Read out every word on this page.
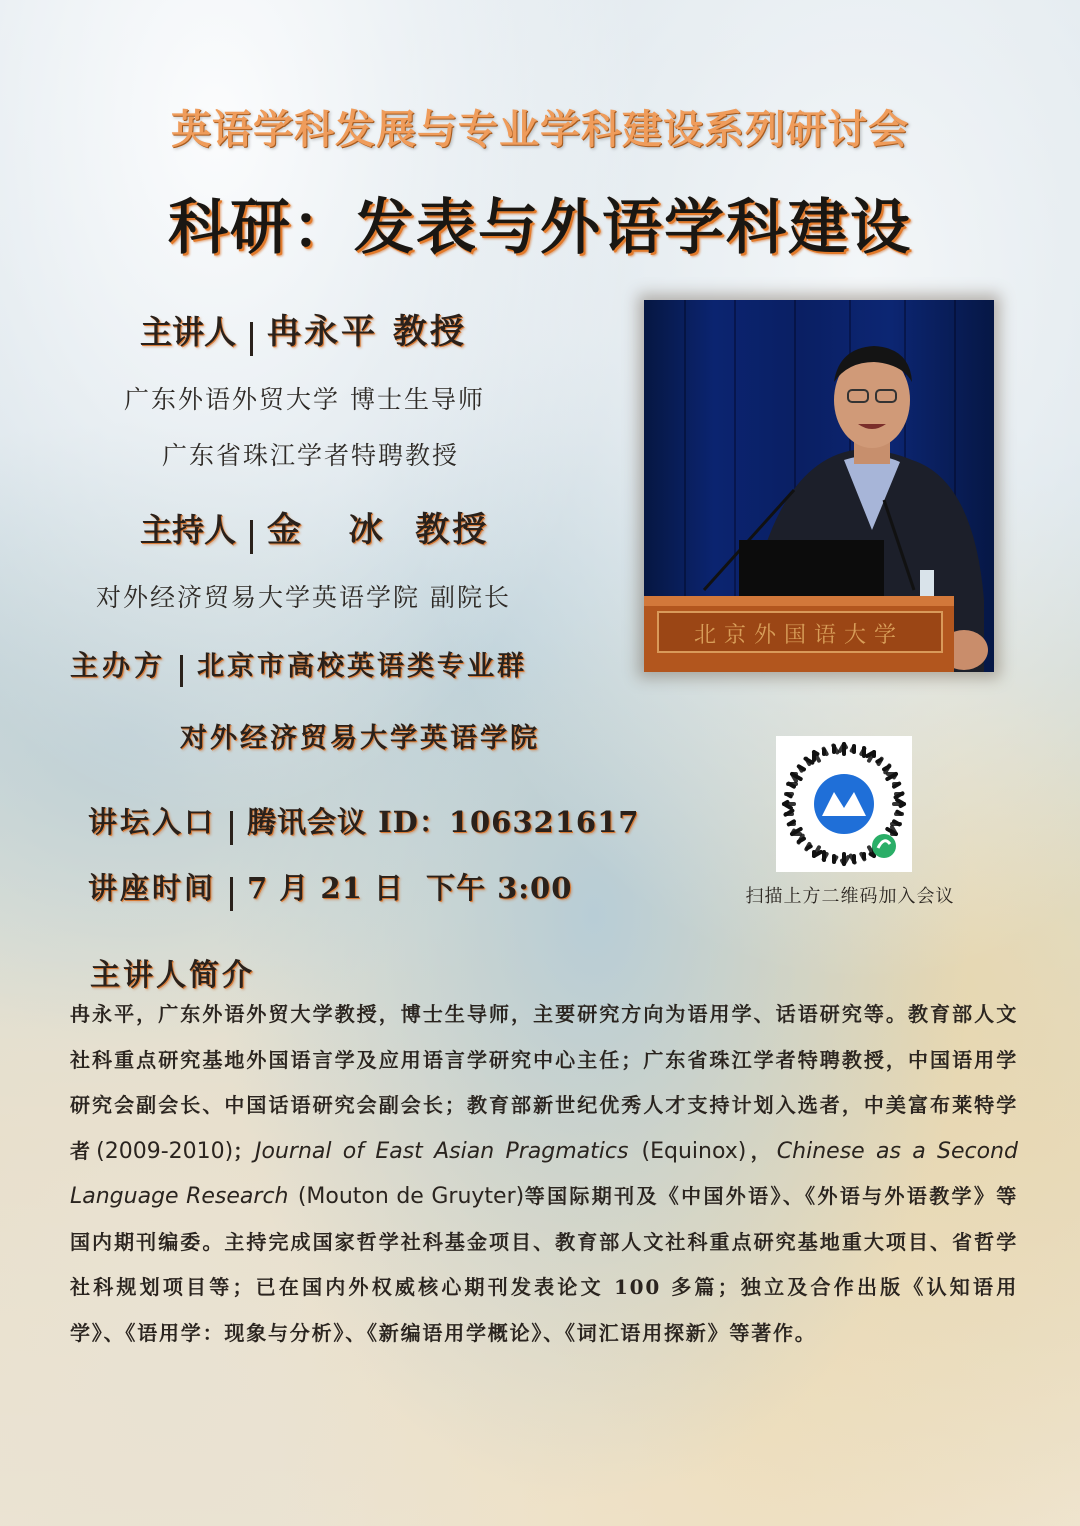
英语学科发展与专业学科建设系列研讨会
科研：发表与外语学科建设
主讲人 冉永平 教授
广东外语外贸大学 博士生导师
广东省珠江学者特聘教授
主持人 金   冰  教授
对外经济贸易大学英语学院 副院长
主办方 北京市高校英语类专业群
对外经济贸易大学英语学院
讲坛入口 腾讯会议 ID：106321617
讲座时间 7 月 21 日  下午 3:00
北京外国语大学
扫描上方二维码加入会议
主讲人简介
冉永平，广东外语外贸大学教授，博士生导师，主要研究方向为语用学、话语研究等。教育部人文社科重点研究基地外国语言学及应用语言学研究中心主任；广东省珠江学者特聘教授，中国语用学研究会副会长、中国话语研究会副会长；教育部新世纪优秀人才支持计划入选者，中美富布莱特学者(2009-2010)；Journal of East Asian Pragmatics (Equinox)，Chinese as a Second Language Research (Mouton de Gruyter)等国际期刊及《中国外语》、《外语与外语教学》等国内期刊编委。主持完成国家哲学社科基金项目、教育部人文社科重点研究基地重大项目、省哲学社科规划项目等；已在国内外权威核心期刊发表论文 100 多篇；独立及合作出版《认知语用学》、《语用学：现象与分析》、《新编语用学概论》、《词汇语用探新》等著作。
